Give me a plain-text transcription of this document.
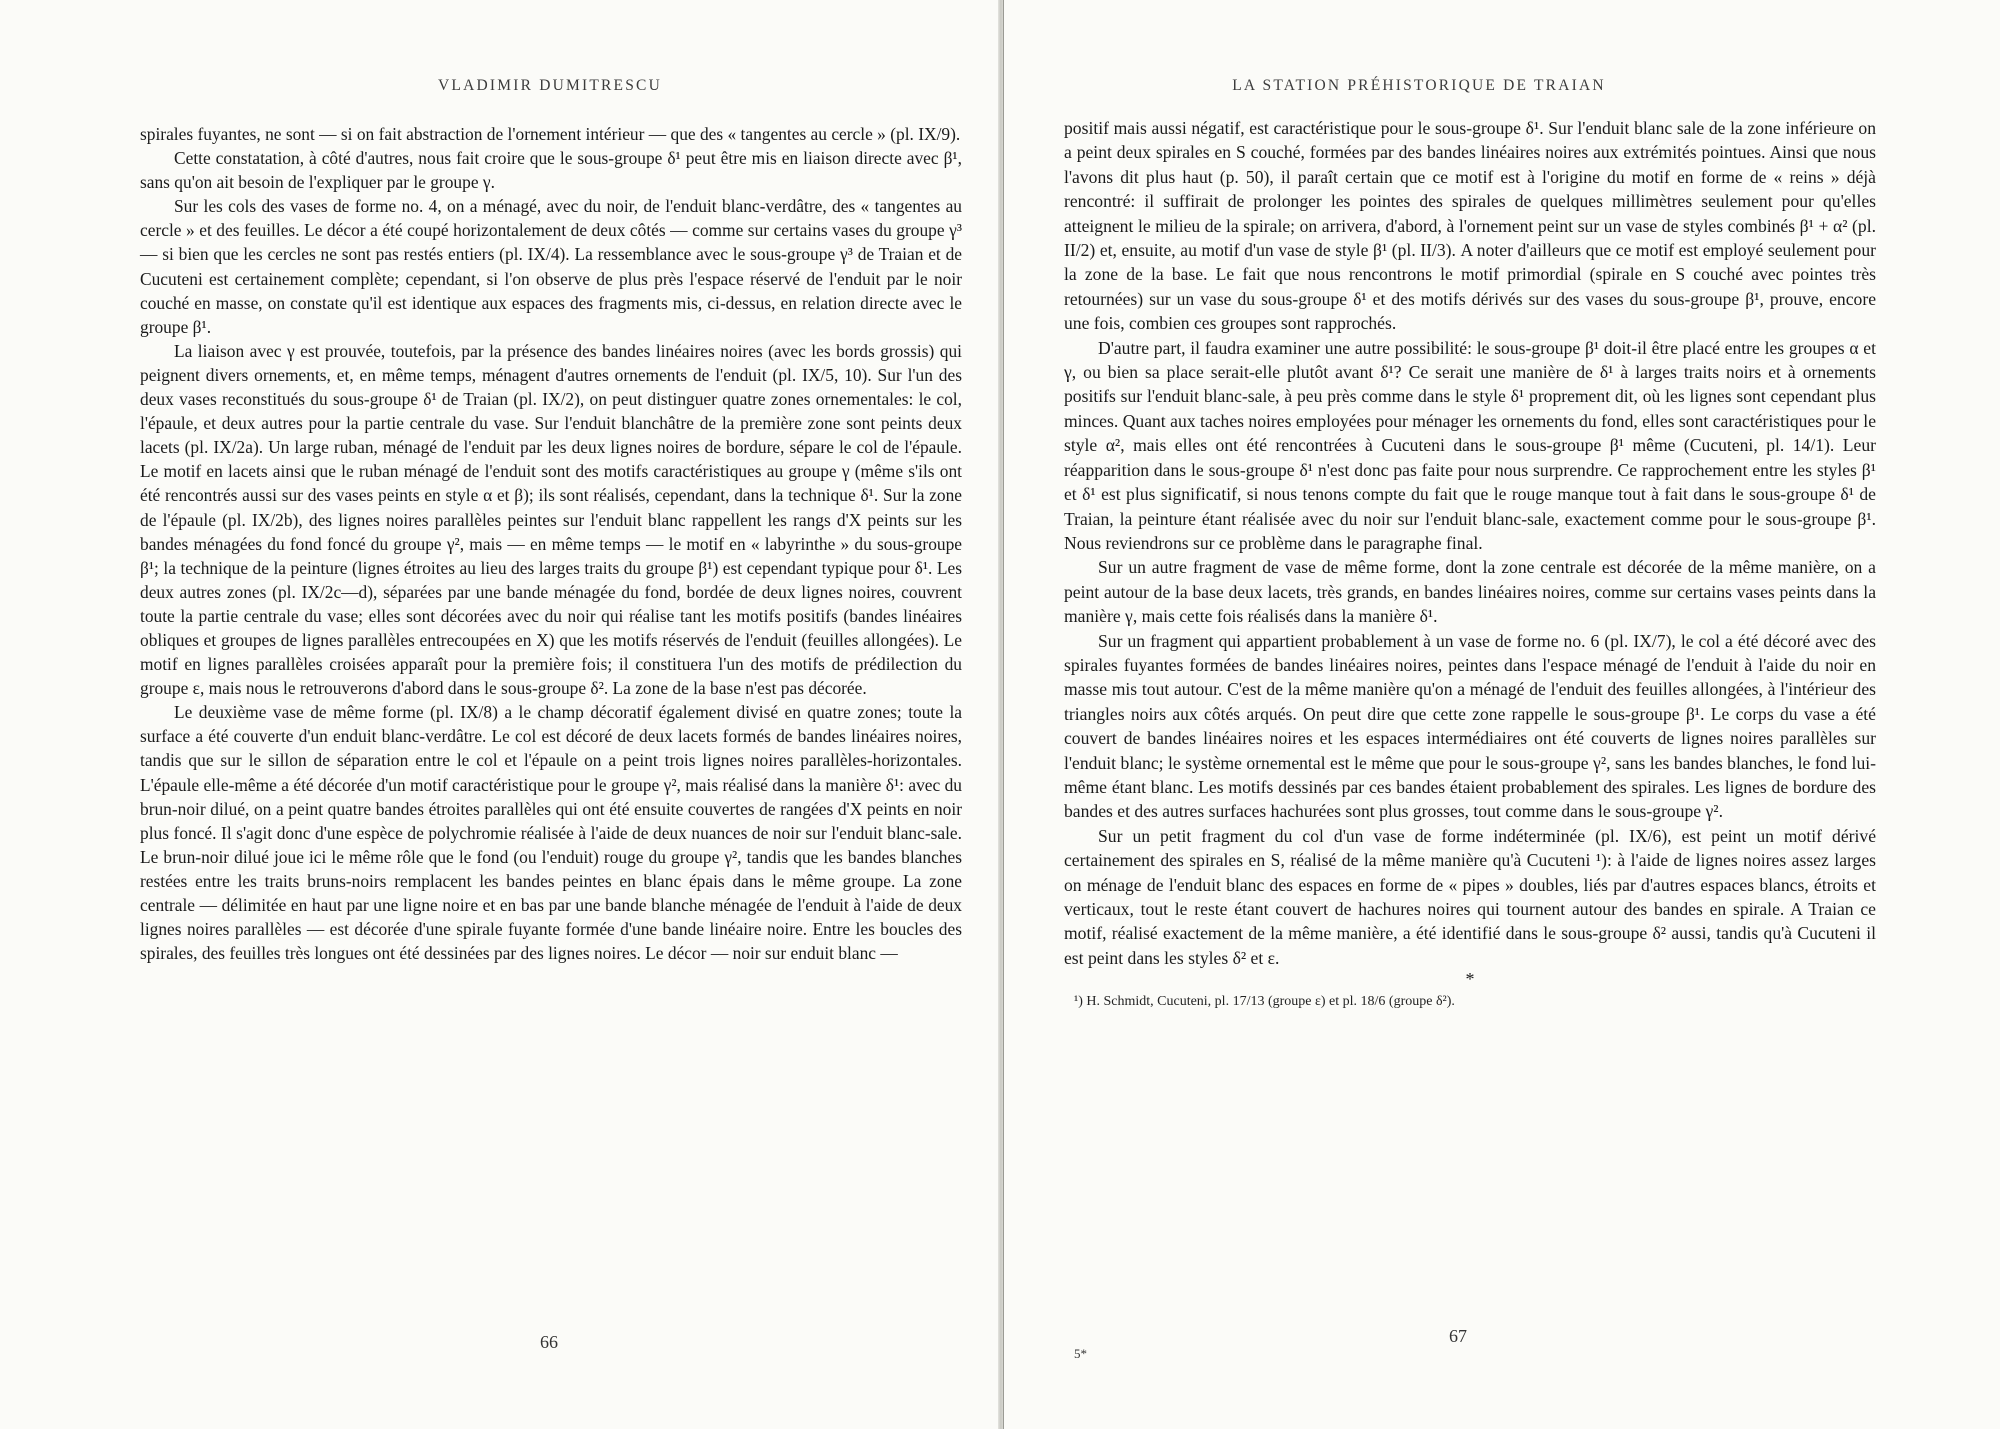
VLADIMIR DUMITRESCU

spirales fuyantes, ne sont — si on fait abstraction de l'ornement intérieur — que des « tangentes au cercle » (pl. IX/9).

Cette constatation, à côté d'autres, nous fait croire que le sous-groupe δ¹ peut être mis en liaison directe avec β¹, sans qu'on ait besoin de l'expliquer par le groupe γ.

Sur les cols des vases de forme no. 4, on a ménagé, avec du noir, de l'enduit blanc-verdâtre, des « tangentes au cercle » et des feuilles. Le décor a été coupé horizontalement de deux côtés — comme sur certains vases du groupe γ³ — si bien que les cercles ne sont pas restés entiers (pl. IX/4). La ressemblance avec le sous-groupe γ³ de Traian et de Cucuteni est certainement complète; cependant, si l'on observe de plus près l'espace réservé de l'enduit par le noir couché en masse, on constate qu'il est identique aux espaces des fragments mis, ci-dessus, en relation directe avec le groupe β¹.

La liaison avec γ est prouvée, toutefois, par la présence des bandes linéaires noires (avec les bords grossis) qui peignent divers ornements, et, en même temps, ménagent d'autres ornements de l'enduit (pl. IX/5, 10). Sur l'un des deux vases reconstitués du sous-groupe δ¹ de Traian (pl. IX/2), on peut distinguer quatre zones ornementales: le col, l'épaule, et deux autres pour la partie centrale du vase. Sur l'enduit blanchâtre de la première zone sont peints deux lacets (pl. IX/2a). Un large ruban, ménagé de l'enduit par les deux lignes noires de bordure, sépare le col de l'épaule. Le motif en lacets ainsi que le ruban ménagé de l'enduit sont des motifs caractéristiques au groupe γ (même s'ils ont été rencontrés aussi sur des vases peints en style α et β); ils sont réalisés, cependant, dans la technique δ¹. Sur la zone de l'épaule (pl. IX/2b), des lignes noires parallèles peintes sur l'enduit blanc rappellent les rangs d'X peints sur les bandes ménagées du fond foncé du groupe γ², mais — en même temps — le motif en « labyrinthe » du sous-groupe β¹; la technique de la peinture (lignes étroites au lieu des larges traits du groupe β¹) est cependant typique pour δ¹. Les deux autres zones (pl. IX/2c—d), séparées par une bande ménagée du fond, bordée de deux lignes noires, couvrent toute la partie centrale du vase; elles sont décorées avec du noir qui réalise tant les motifs positifs (bandes linéaires obliques et groupes de lignes parallèles entrecoupées en X) que les motifs réservés de l'enduit (feuilles allongées). Le motif en lignes parallèles croisées apparaît pour la première fois; il constituera l'un des motifs de prédilection du groupe ε, mais nous le retrouverons d'abord dans le sous-groupe δ². La zone de la base n'est pas décorée.

Le deuxième vase de même forme (pl. IX/8) a le champ décoratif également divisé en quatre zones; toute la surface a été couverte d'un enduit blanc-verdâtre. Le col est décoré de deux lacets formés de bandes linéaires noires, tandis que sur le sillon de séparation entre le col et l'épaule on a peint trois lignes noires parallèles-horizontales. L'épaule elle-même a été décorée d'un motif caractéristique pour le groupe γ², mais réalisé dans la manière δ¹: avec du brun-noir dilué, on a peint quatre bandes étroites parallèles qui ont été ensuite couvertes de rangées d'X peints en noir plus foncé. Il s'agit donc d'une espèce de polychromie réalisée à l'aide de deux nuances de noir sur l'enduit blanc-sale. Le brun-noir dilué joue ici le même rôle que le fond (ou l'enduit) rouge du groupe γ², tandis que les bandes blanches restées entre les traits bruns-noirs remplacent les bandes peintes en blanc épais dans le même groupe. La zone centrale — délimitée en haut par une ligne noire et en bas par une bande blanche ménagée de l'enduit à l'aide de deux lignes noires parallèles — est décorée d'une spirale fuyante formée d'une bande linéaire noire. Entre les boucles des spirales, des feuilles très longues ont été dessinées par des lignes noires. Le décor — noir sur enduit blanc —

66
LA STATION PRÉHISTORIQUE DE TRAIAN

positif mais aussi négatif, est caractéristique pour le sous-groupe δ¹. Sur l'enduit blanc sale de la zone inférieure on a peint deux spirales en S couché, formées par des bandes linéaires noires aux extrémités pointues. Ainsi que nous l'avons dit plus haut (p. 50), il paraît certain que ce motif est à l'origine du motif en forme de « reins » déjà rencontré: il suffirait de prolonger les pointes des spirales de quelques millimètres seulement pour qu'elles atteignent le milieu de la spirale; on arrivera, d'abord, à l'ornement peint sur un vase de styles combinés β¹ + α² (pl. II/2) et, ensuite, au motif d'un vase de style β¹ (pl. II/3). A noter d'ailleurs que ce motif est employé seulement pour la zone de la base. Le fait que nous rencontrons le motif primordial (spirale en S couché avec pointes très retournées) sur un vase du sous-groupe δ¹ et des motifs dérivés sur des vases du sous-groupe β¹, prouve, encore une fois, combien ces groupes sont rapprochés.

D'autre part, il faudra examiner une autre possibilité: le sous-groupe β¹ doit-il être placé entre les groupes α et γ, ou bien sa place serait-elle plutôt avant δ¹? Ce serait une manière de δ¹ à larges traits noirs et à ornements positifs sur l'enduit blanc-sale, à peu près comme dans le style δ¹ proprement dit, où les lignes sont cependant plus minces. Quant aux taches noires employées pour ménager les ornements du fond, elles sont caractéristiques pour le style α², mais elles ont été rencontrées à Cucuteni dans le sous-groupe β¹ même (Cucuteni, pl. 14/1). Leur réapparition dans le sous-groupe δ¹ n'est donc pas faite pour nous surprendre. Ce rapprochement entre les styles β¹ et δ¹ est plus significatif, si nous tenons compte du fait que le rouge manque tout à fait dans le sous-groupe δ¹ de Traian, la peinture étant réalisée avec du noir sur l'enduit blanc-sale, exactement comme pour le sous-groupe β¹. Nous reviendrons sur ce problème dans le paragraphe final.

Sur un autre fragment de vase de même forme, dont la zone centrale est décorée de la même manière, on a peint autour de la base deux lacets, très grands, en bandes linéaires noires, comme sur certains vases peints dans la manière γ, mais cette fois réalisés dans la manière δ¹.

Sur un fragment qui appartient probablement à un vase de forme no. 6 (pl. IX/7), le col a été décoré avec des spirales fuyantes formées de bandes linéaires noires, peintes dans l'espace ménagé de l'enduit à l'aide du noir en masse mis tout autour. C'est de la même manière qu'on a ménagé de l'enduit des feuilles allongées, à l'intérieur des triangles noirs aux côtés arqués. On peut dire que cette zone rappelle le sous-groupe β¹. Le corps du vase a été couvert de bandes linéaires noires et les espaces intermédiaires ont été couverts de lignes noires parallèles sur l'enduit blanc; le système ornemental est le même que pour le sous-groupe γ², sans les bandes blanches, le fond lui-même étant blanc. Les motifs dessinés par ces bandes étaient probablement des spirales. Les lignes de bordure des bandes et des autres surfaces hachurées sont plus grosses, tout comme dans le sous-groupe γ².

Sur un petit fragment du col d'un vase de forme indéterminée (pl. IX/6), est peint un motif dérivé certainement des spirales en S, réalisé de la même manière qu'à Cucuteni ¹): à l'aide de lignes noires assez larges on ménage de l'enduit blanc des espaces en forme de « pipes » doubles, liés par d'autres espaces blancs, étroits et verticaux, tout le reste étant couvert de hachures noires qui tournent autour des bandes en spirale. A Traian ce motif, réalisé exactement de la même manière, a été identifié dans le sous-groupe δ² aussi, tandis qu'à Cucuteni il est peint dans les styles δ² et ε.

*

¹) H. Schmidt, Cucuteni, pl. 17/13 (groupe ε) et pl. 18/6 (groupe δ²).

67
5*
